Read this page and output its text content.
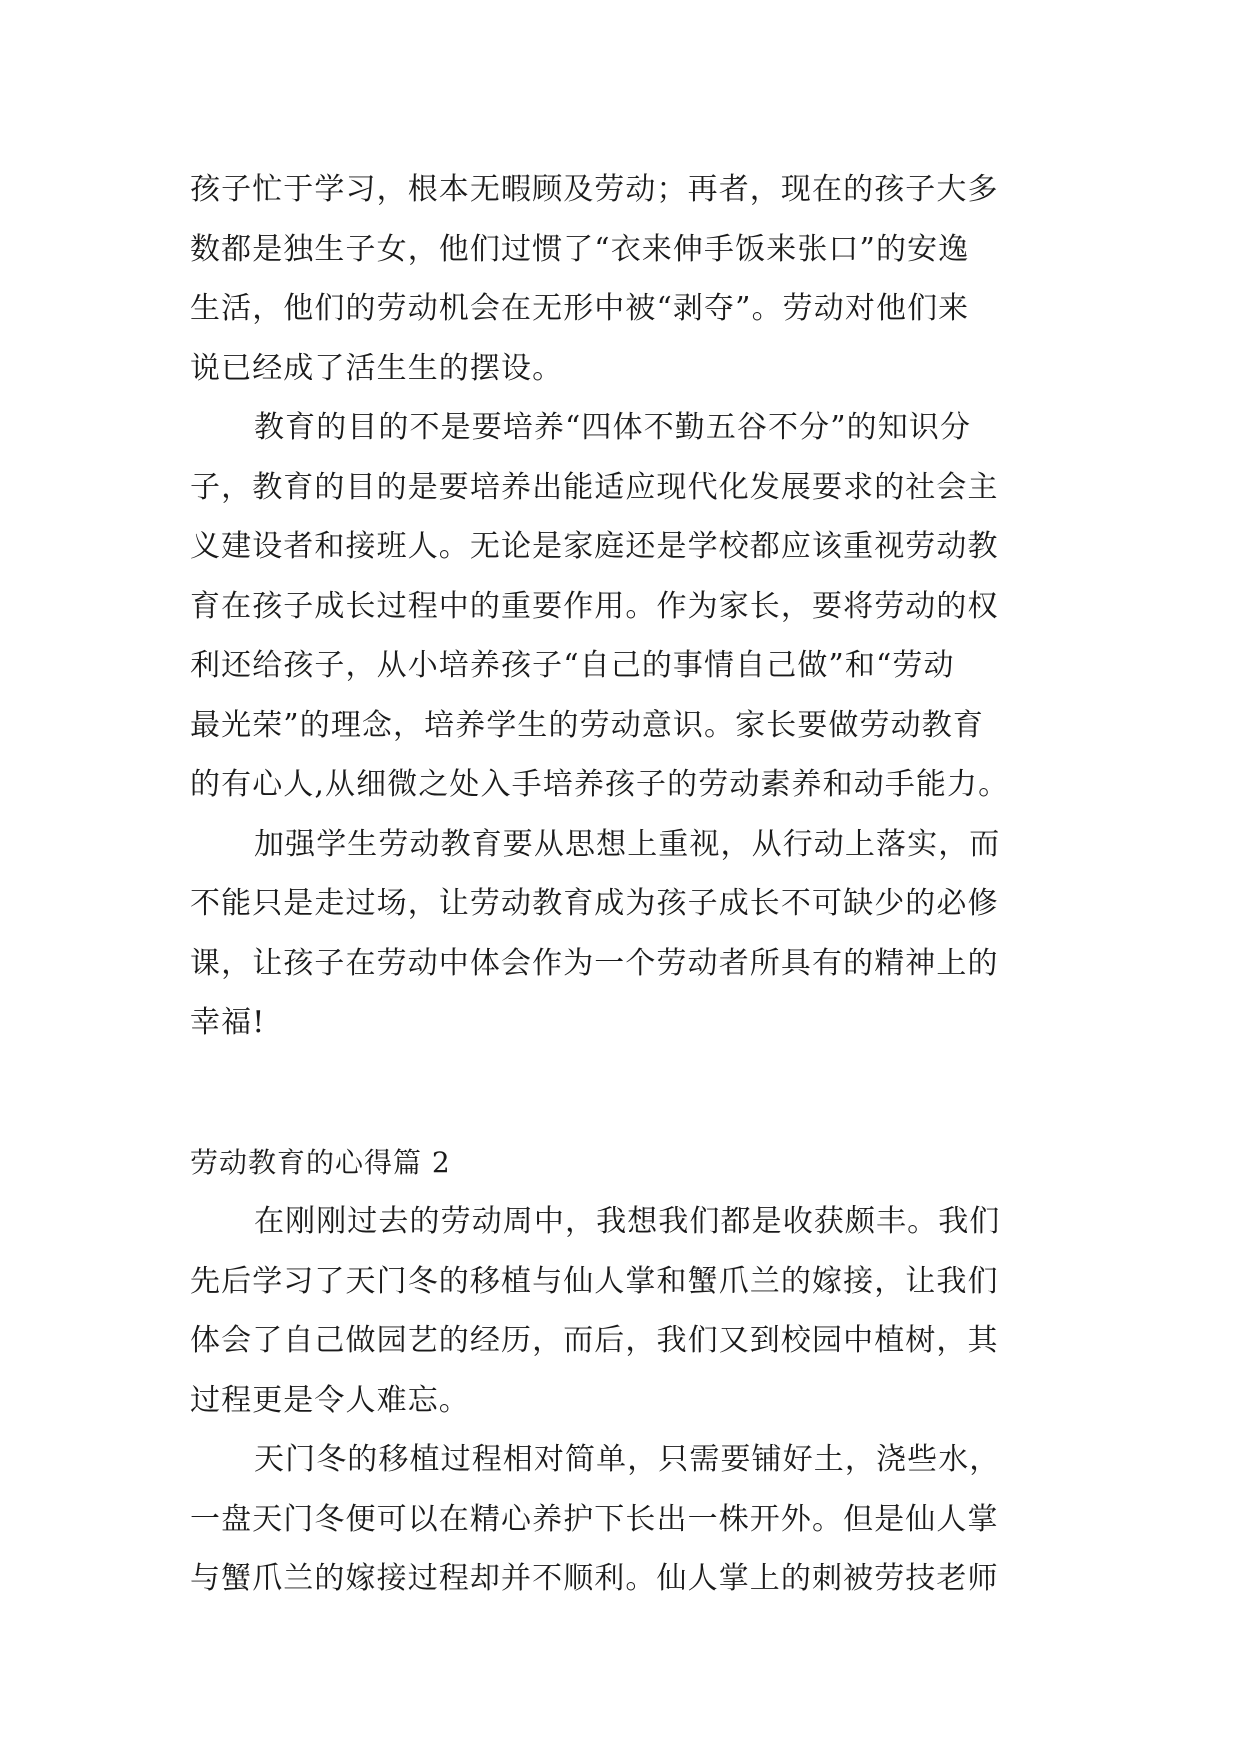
孩子忙于学习，根本无暇顾及劳动；再者，现在的孩子大多
数都是独生子女，他们过惯了“衣来伸手饭来张口”的安逸
生活，他们的劳动机会在无形中被“剥夺”。劳动对他们来
说已经成了活生生的摆设。
教育的目的不是要培养“四体不勤五谷不分”的知识分
子，教育的目的是要培养出能适应现代化发展要求的社会主
义建设者和接班人。无论是家庭还是学校都应该重视劳动教
育在孩子成长过程中的重要作用。作为家长，要将劳动的权
利还给孩子，从小培养孩子“自己的事情自己做”和“劳动
最光荣”的理念，培养学生的劳动意识。家长要做劳动教育
的有心人,从细微之处入手培养孩子的劳动素养和动手能力。
加强学生劳动教育要从思想上重视，从行动上落实，而
不能只是走过场，让劳动教育成为孩子成长不可缺少的必修
课，让孩子在劳动中体会作为一个劳动者所具有的精神上的
幸福!
劳动教育的心得篇 2
在刚刚过去的劳动周中，我想我们都是收获颇丰。我们
先后学习了天门冬的移植与仙人掌和蟹爪兰的嫁接，让我们
体会了自己做园艺的经历，而后，我们又到校园中植树，其
过程更是令人难忘。
天门冬的移植过程相对简单，只需要铺好土，浇些水，
一盘天门冬便可以在精心养护下长出一株开外。但是仙人掌
与蟹爪兰的嫁接过程却并不顺利。仙人掌上的刺被劳技老师
